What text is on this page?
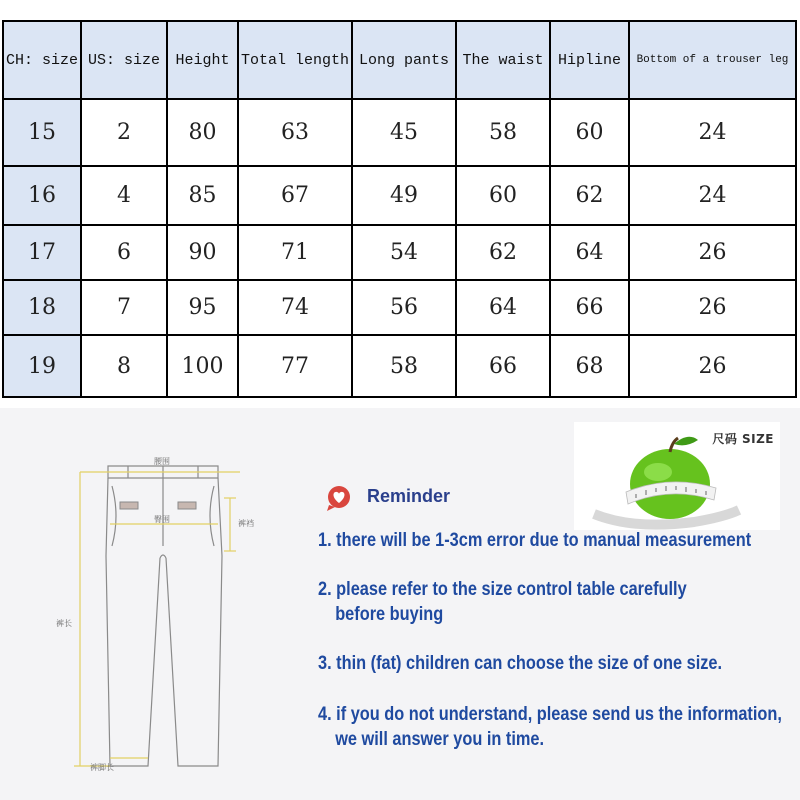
CH: size	US: size	Height	Total length	Long pants	The waist	Hipline	Bottom of a trouser leg
15	2	80	63	45	58	60	24
16	4	85	67	49	60	62	24
17	6	90	71	54	62	64	26
18	7	95	74	56	64	66	26
19	8	100	77	58	66	68	26
腰围
臀围	裤裆
裤长
裤脚长
Reminder
1. there will be 1-3cm error due to manual measurement
2. please refer to the size control table carefully
before buying
3. thin (fat) children can choose the size of one size.
4. if you do not understand, please send us the information,
we will answer you in time.
尺码 SIZE
